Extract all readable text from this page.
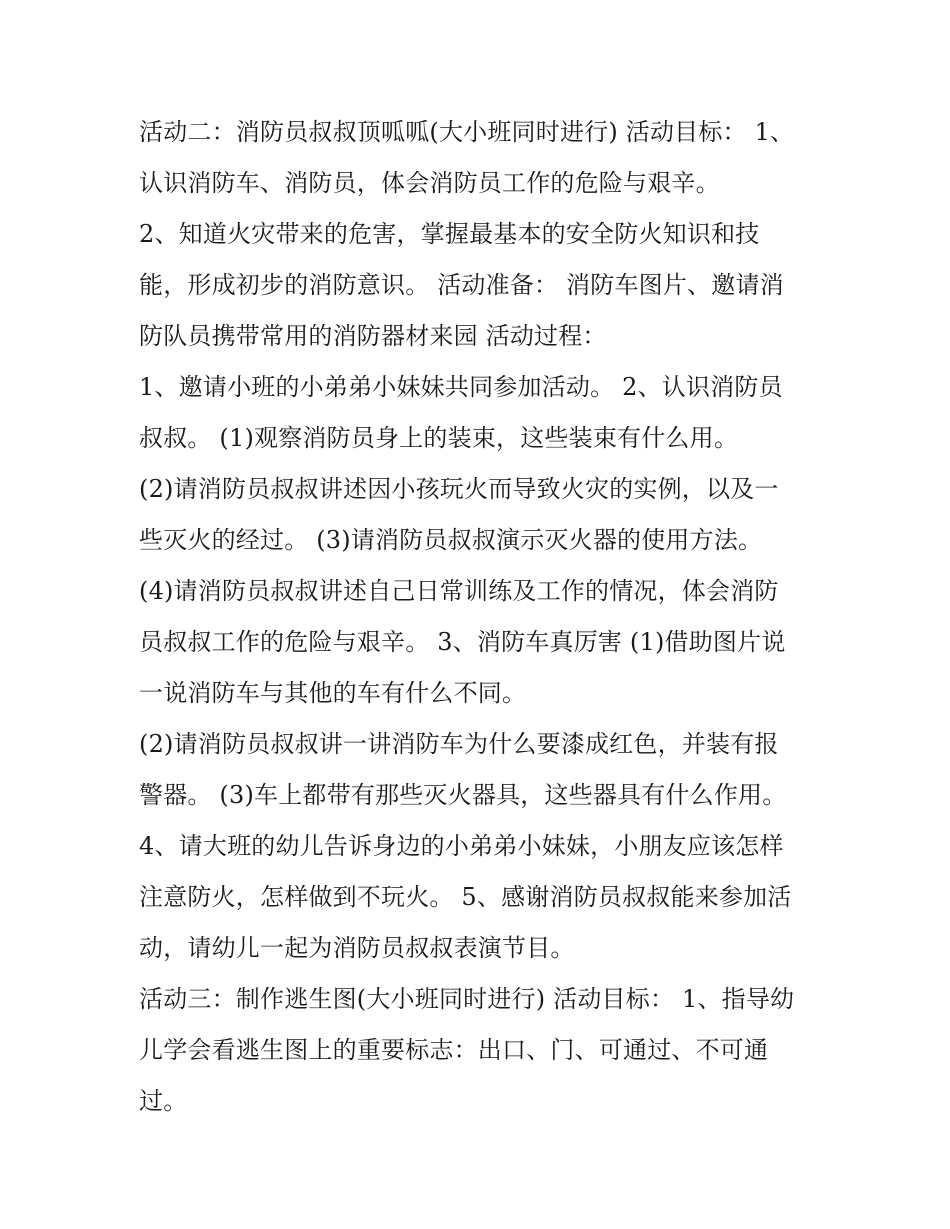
活动二：消防员叔叔顶呱呱(大小班同时进行) 活动目标： 1、
认识消防车、消防员，体会消防员工作的危险与艰辛。
2、知道火灾带来的危害，掌握最基本的安全防火知识和技
能，形成初步的消防意识。 活动准备： 消防车图片、邀请消
防队员携带常用的消防器材来园 活动过程：
1、邀请小班的小弟弟小妹妹共同参加活动。 2、认识消防员
叔叔。 (1)观察消防员身上的装束，这些装束有什么用。
(2)请消防员叔叔讲述因小孩玩火而导致火灾的实例，以及一
些灭火的经过。 (3)请消防员叔叔演示灭火器的使用方法。
(4)请消防员叔叔讲述自己日常训练及工作的情况，体会消防
员叔叔工作的危险与艰辛。 3、消防车真厉害 (1)借助图片说
一说消防车与其他的车有什么不同。
(2)请消防员叔叔讲一讲消防车为什么要漆成红色，并装有报
警器。 (3)车上都带有那些灭火器具，这些器具有什么作用。
4、请大班的幼儿告诉身边的小弟弟小妹妹，小朋友应该怎样
注意防火，怎样做到不玩火。 5、感谢消防员叔叔能来参加活
动，请幼儿一起为消防员叔叔表演节目。
活动三：制作逃生图(大小班同时进行) 活动目标： 1、指导幼
儿学会看逃生图上的重要标志：出口、门、可通过、不可通
过。
